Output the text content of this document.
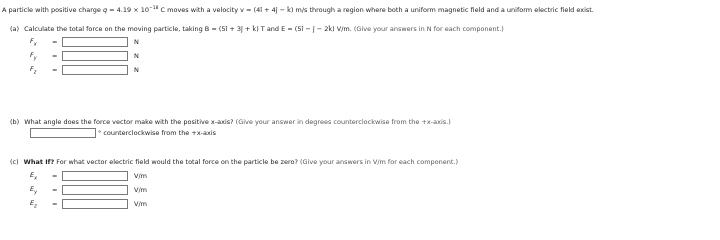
A particle with positive charge $q = 4.19 \times 10^{-18}$ C moves with a velocity v = (4î + 4ĵ − k̂) m/s through a region where both a uniform magnetic field and a uniform electric field exist.
(a) Calculate the total force on the moving particle, taking B = (5î + 3ĵ + k̂) T and E = (5î − ĵ − 2k̂) V/m. (Give your answers in N for each component.)
$F_x$	=	N
$F_y$	=	N
$F_z$	=	N
(b) What angle does the force vector make with the positive x-axis? (Give your answer in degrees counterclockwise from the +x-axis.)
° counterclockwise from the +x-axis
(c) What If? For what vector electric field would the total force on the particle be zero? (Give your answers in V/m for each component.)
$E_x$	=	V/m
$E_y$	=	V/m
$E_z$	=	V/m
